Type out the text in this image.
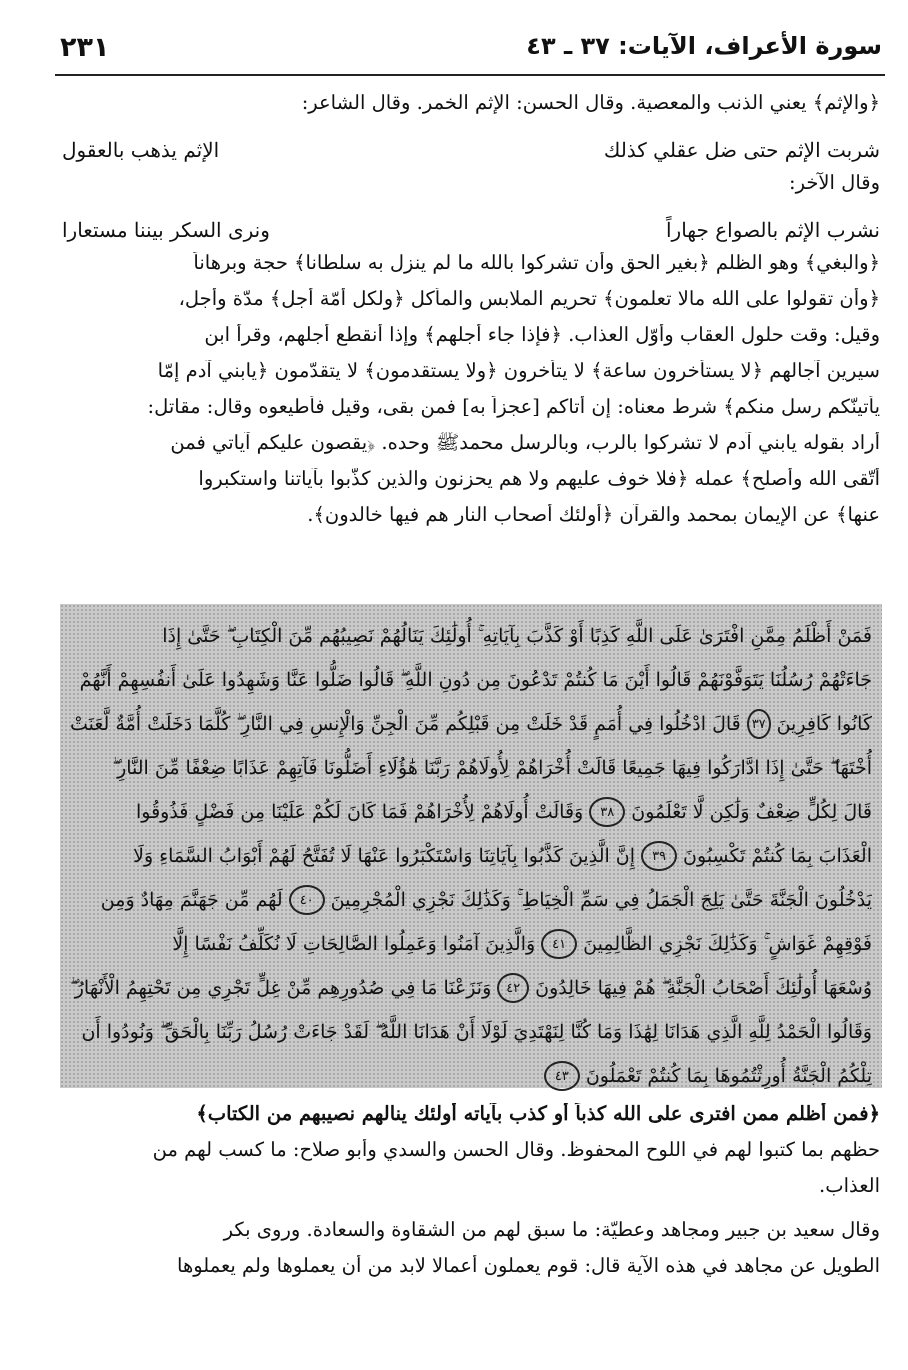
٢٣١	سورة الأعراف، الآيات: ٣٧ ـ ٤٣
﴿والإثم﴾ يعني الذنب والمعصية. وقال الحسن: الإثم الخمر. وقال الشاعر:
شربت الإثم حتى ضل عقلي كذلك
الإثم يذهب بالعقول
وقال الآخر:
نشرب الإثم بالصواع جهاراً
ونرى السكر بيننا مستعارا
﴿والبغي﴾ وهو الظلم ﴿بغير الحق وأن تشركوا بالله ما لم ينزل به سلطانا﴾ حجة وبرهاناً
﴿وأن تقولوا على الله مالا تعلمون﴾ تحريم الملابس والمأكل ﴿ولكل أُمّة أجل﴾ مدّة وأجل،
وقيل: وقت حلول العقاب وأوّل العذاب. ﴿فإذا جاء أجلهم﴾ وإذا أنقطع أجلهم، وقرأ ابن
سيرين آجالهم ﴿لا يستأخرون ساعة﴾ لا يتأخرون ﴿ولا يستقدمون﴾ لا يتقدّمون ﴿يابني آدم إمّا
يأتينّكم رسل منكم﴾ شرط معناه: إن أتاكم [عجزاً به] فمن بقى، وقيل فأطيعوه وقال: مقاتل:
أراد بقوله يابني آدم لا تشركوا بالرب، وبالرسل محمدﷺ وحده. ﴿يقصون عليكم آياتي فمن
أتّقى الله وأصلح﴾ عمله ﴿فلا خوف عليهم ولا هم يحزنون والذين كذّبوا بآياتنا واستكبروا
عنها﴾ عن الإيمان بمحمد والقرآن ﴿أُولئك أصحاب النار هم فيها خالدون﴾.
فَمَنْ أَظْلَمُ مِمَّنِ افْتَرَىٰ عَلَى اللَّهِ كَذِبًا أَوْ كَذَّبَ بِآيَاتِهِ ۚ أُولَٰئِكَ يَنَالُهُمْ نَصِيبُهُم مِّنَ الْكِتَابِ ۖ حَتَّىٰ إِذَا
جَاءَتْهُمْ رُسُلُنَا يَتَوَفَّوْنَهُمْ قَالُوا أَيْنَ مَا كُنتُمْ تَدْعُونَ مِن دُونِ اللَّهِ ۖ قَالُوا ضَلُّوا عَنَّا وَشَهِدُوا عَلَىٰ أَنفُسِهِمْ أَنَّهُمْ
كَانُوا كَافِرِينَ
٣٧
قَالَ ادْخُلُوا فِي أُمَمٍ قَدْ خَلَتْ مِن قَبْلِكُم مِّنَ الْجِنِّ وَالْإِنسِ فِي النَّارِ ۖ كُلَّمَا دَخَلَتْ أُمَّةٌ لَّعَنَتْ
أُخْتَهَا ۖ حَتَّىٰ إِذَا ادَّارَكُوا فِيهَا جَمِيعًا قَالَتْ أُخْرَاهُمْ لِأُولَاهُمْ رَبَّنَا هَٰؤُلَاءِ أَضَلُّونَا فَآتِهِمْ عَذَابًا ضِعْفًا مِّنَ النَّارِ ۖ
قَالَ لِكُلٍّ ضِعْفٌ وَلَٰكِن لَّا تَعْلَمُونَ
٣٨
وَقَالَتْ أُولَاهُمْ لِأُخْرَاهُمْ فَمَا كَانَ لَكُمْ عَلَيْنَا مِن فَضْلٍ فَذُوقُوا
الْعَذَابَ بِمَا كُنتُمْ تَكْسِبُونَ
٣٩
إِنَّ الَّذِينَ كَذَّبُوا بِآيَاتِنَا وَاسْتَكْبَرُوا عَنْهَا لَا تُفَتَّحُ لَهُمْ أَبْوَابُ السَّمَاءِ وَلَا
يَدْخُلُونَ الْجَنَّةَ حَتَّىٰ يَلِجَ الْجَمَلُ فِي سَمِّ الْخِيَاطِ ۚ وَكَذَٰلِكَ نَجْزِي الْمُجْرِمِينَ
٤٠
لَهُم مِّن جَهَنَّمَ مِهَادٌ وَمِن
فَوْقِهِمْ غَوَاشٍ ۚ وَكَذَٰلِكَ نَجْزِي الظَّالِمِينَ
٤١
وَالَّذِينَ آمَنُوا وَعَمِلُوا الصَّالِحَاتِ لَا نُكَلِّفُ نَفْسًا إِلَّا
وُسْعَهَا أُولَٰئِكَ أَصْحَابُ الْجَنَّةِ ۖ هُمْ فِيهَا خَالِدُونَ
٤٢
وَنَزَعْنَا مَا فِي صُدُورِهِم مِّنْ غِلٍّ تَجْرِي مِن تَحْتِهِمُ الْأَنْهَارُ ۖ
وَقَالُوا الْحَمْدُ لِلَّهِ الَّذِي هَدَانَا لِهَٰذَا وَمَا كُنَّا لِنَهْتَدِيَ لَوْلَا أَنْ هَدَانَا اللَّهُ ۖ لَقَدْ جَاءَتْ رُسُلُ رَبِّنَا بِالْحَقِّ ۖ وَنُودُوا أَن
تِلْكُمُ الْجَنَّةُ أُورِثْتُمُوهَا بِمَا كُنتُمْ تَعْمَلُونَ
٤٣
﴿فمن أظلم ممن افترى على الله كذباً أو كذب بآياته أُولئك ينالهم نصيبهم من الكتاب﴾
حظهم بما كتبوا لهم في اللوح المحفوظ. وقال الحسن والسدي وأبو صلاح: ما كسب لهم من
العذاب.
وقال سعيد بن جبير ومجاهد وعطيّة: ما سبق لهم من الشقاوة والسعادة. وروى بكر
الطويل عن مجاهد في هذه الآية قال: قوم يعملون أعمالا لابد من أن يعملوها ولم يعملوها
